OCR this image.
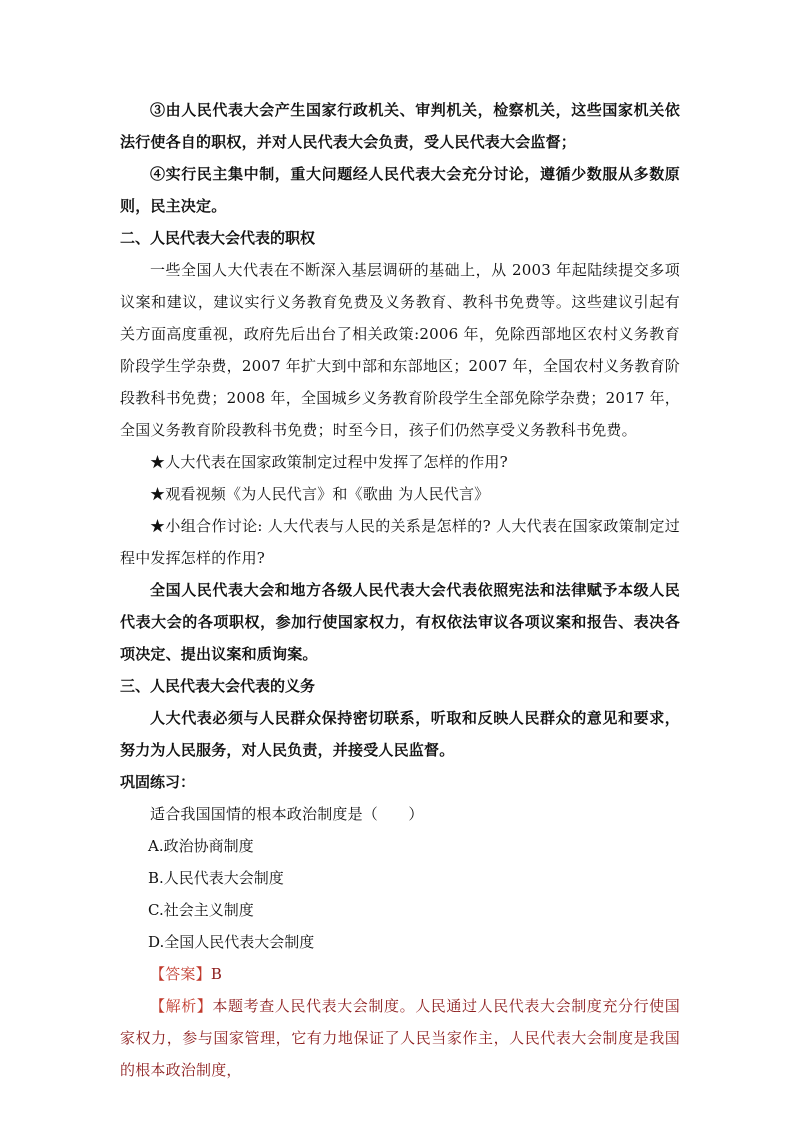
③由人民代表大会产生国家行政机关、审判机关，检察机关，这些国家机关依法行使各自的职权，并对人民代表大会负责，受人民代表大会监督；

④实行民主集中制，重大问题经人民代表大会充分讨论，遵循少数服从多数原则，民主决定。

二、人民代表大会代表的职权

一些全国人大代表在不断深入基层调研的基础上，从 2003 年起陆续提交多项议案和建议，建议实行义务教育免费及义务教育、教科书免费等。这些建议引起有关方面高度重视，政府先后出台了相关政策:2006 年，免除西部地区农村义务教育阶段学生学杂费，2007 年扩大到中部和东部地区；2007 年，全国农村义务教育阶段教科书免费；2008 年，全国城乡义务教育阶段学生全部免除学杂费；2017 年，全国义务教育阶段教科书免费；时至今日，孩子们仍然享受义务教科书免费。

★人大代表在国家政策制定过程中发挥了怎样的作用?

★观看视频《为人民代言》和《歌曲 为人民代言》

★小组合作讨论: 人大代表与人民的关系是怎样的? 人大代表在国家政策制定过程中发挥怎样的作用?

全国人民代表大会和地方各级人民代表大会代表依照宪法和法律赋予本级人民代表大会的各项职权，参加行使国家权力，有权依法审议各项议案和报告、表决各项决定、提出议案和质询案。

三、人民代表大会代表的义务

人大代表必须与人民群众保持密切联系，听取和反映人民群众的意见和要求，努力为人民服务，对人民负责，并接受人民监督。

巩固练习：

适合我国国情的根本政治制度是（　　）

A.政治协商制度

B.人民代表大会制度

C.社会主义制度

D.全国人民代表大会制度

【答案】B

【解析】本题考查人民代表大会制度。人民通过人民代表大会制度充分行使国家权力，参与国家管理，它有力地保证了人民当家作主，人民代表大会制度是我国的根本政治制度，
